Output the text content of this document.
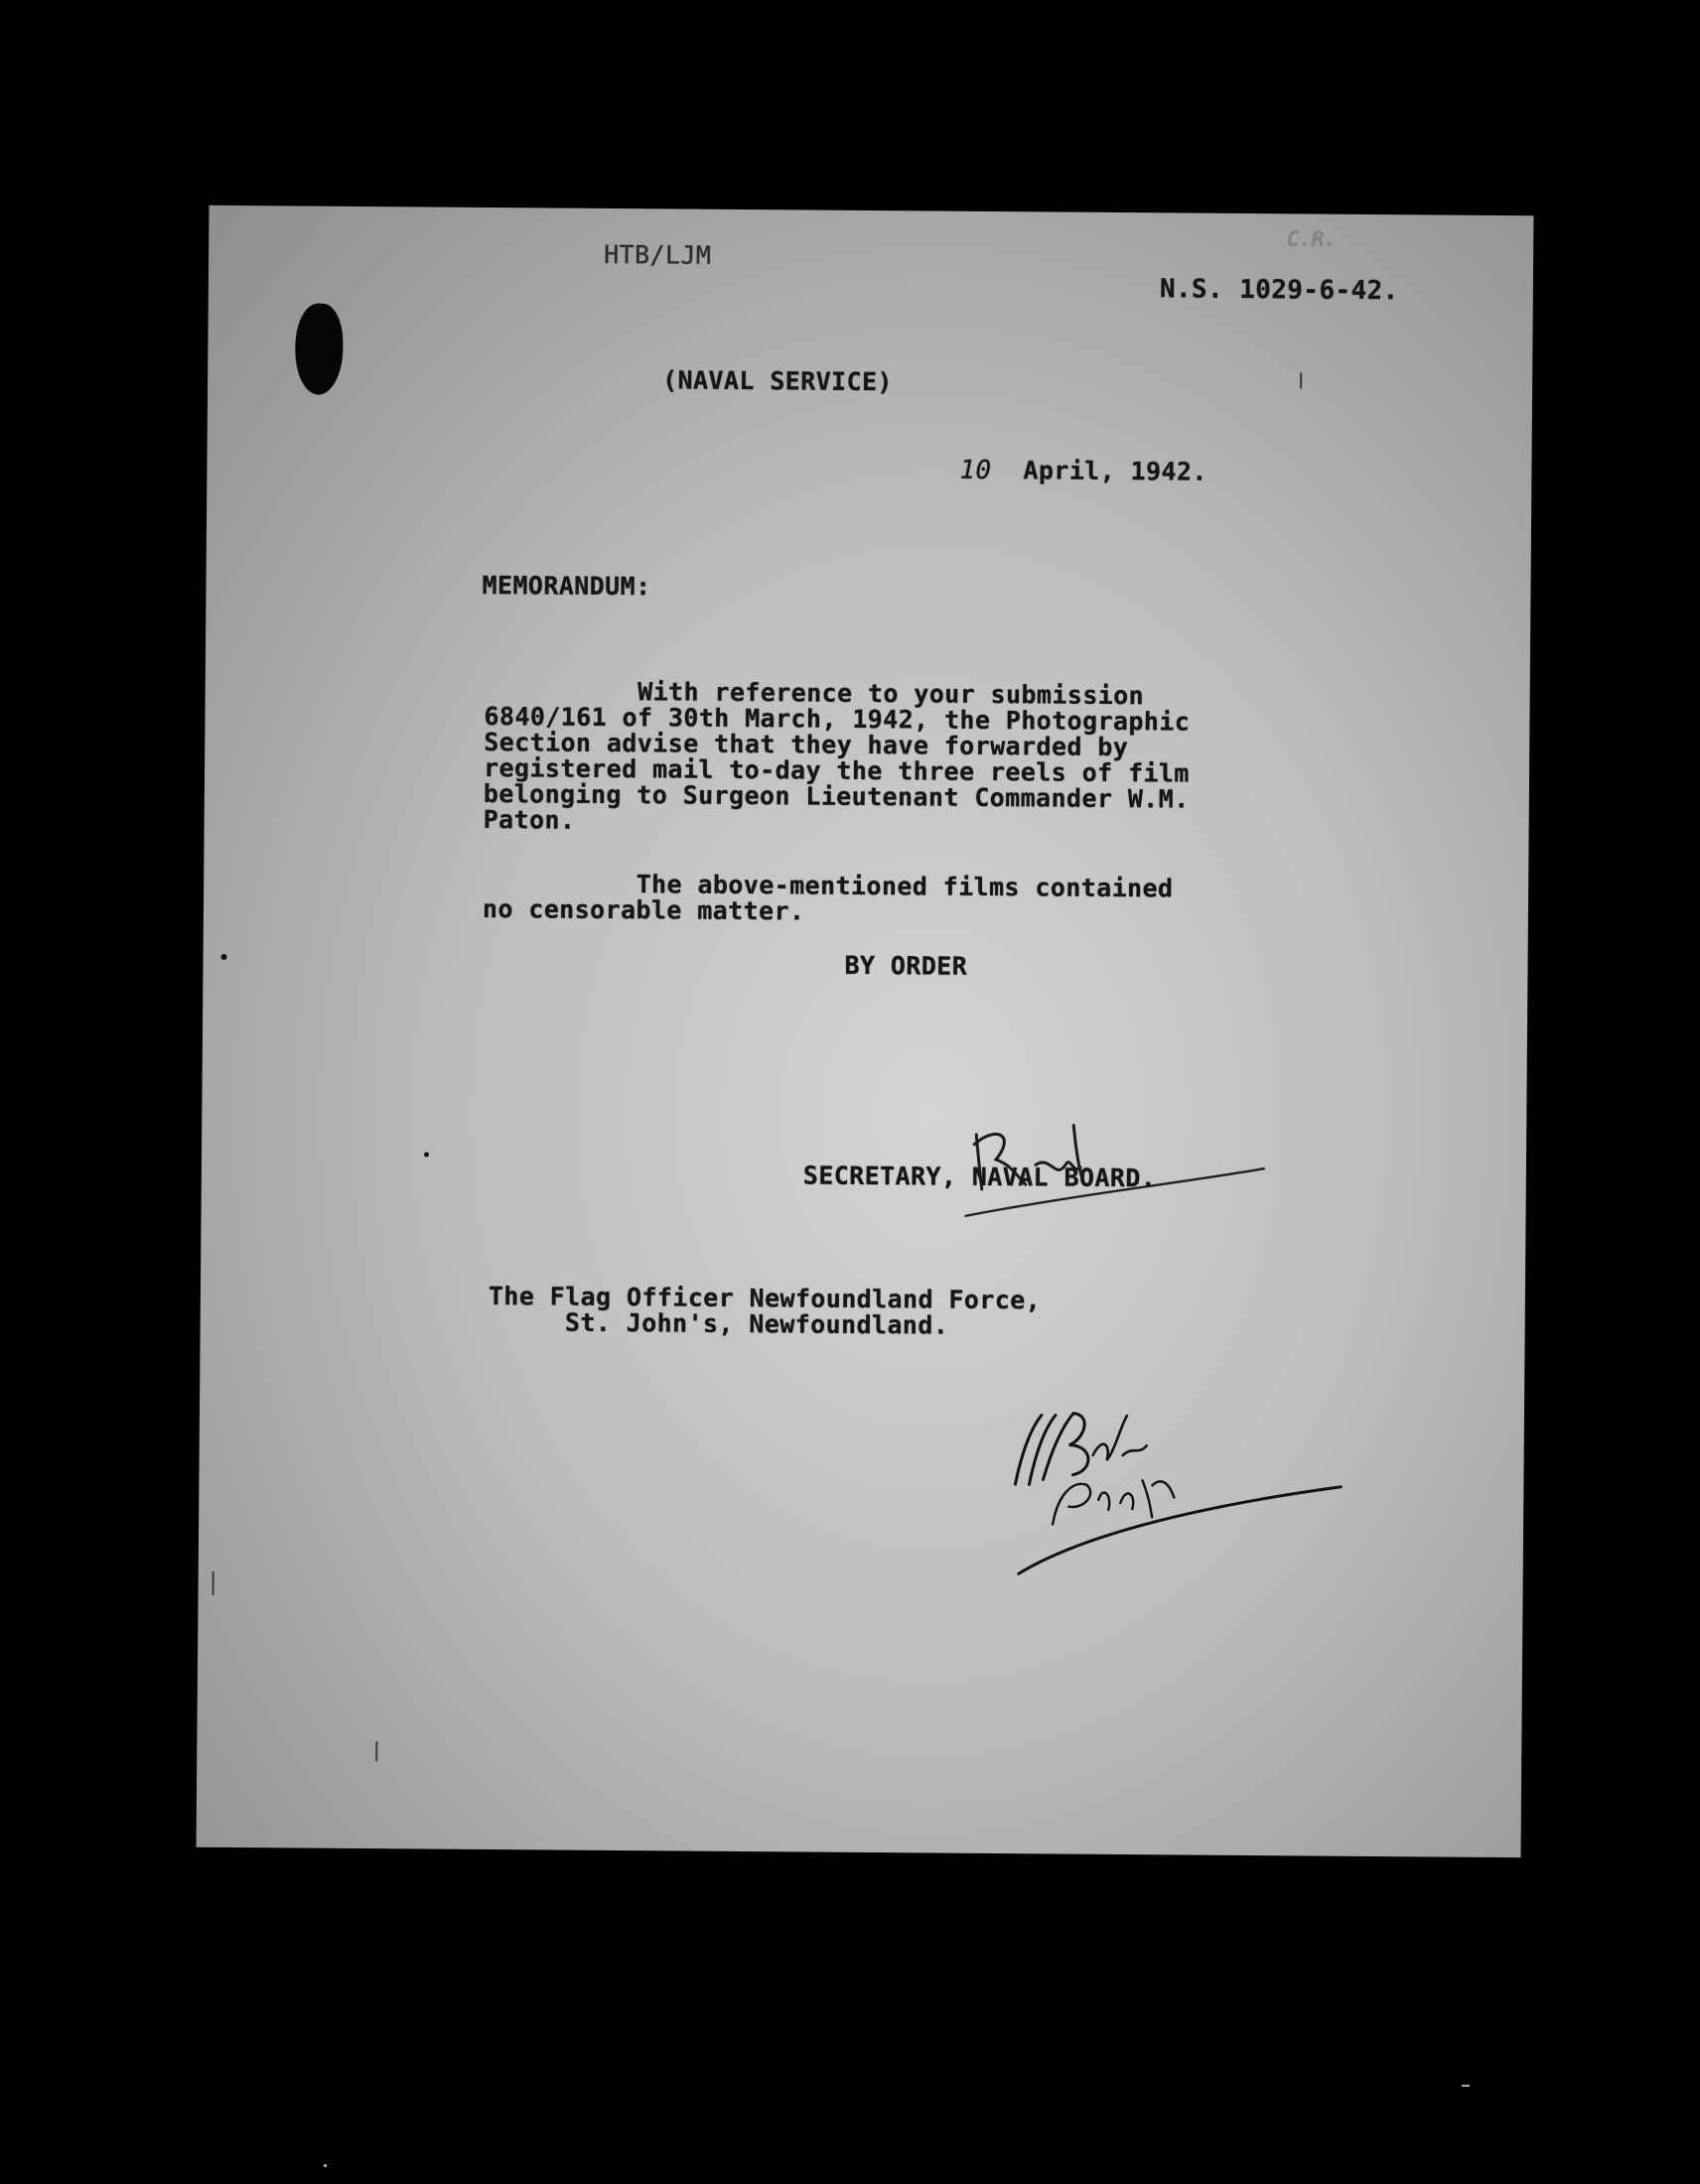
HTB/LJM
N.S. 1029-6-42.
C.R.
(NAVAL SERVICE)
10 April, 1942.
MEMORANDUM:
With reference to your submission
6840/161 of 30th March, 1942, the Photographic
Section advise that they have forwarded by
registered mail to-day the three reels of film
belonging to Surgeon Lieutenant Commander W.M.
Paton.
The above-mentioned films contained
no censorable matter.
BY ORDER
SECRETARY, NAVAL BOARD.
The Flag Officer Newfoundland Force,
St. John's, Newfoundland.
